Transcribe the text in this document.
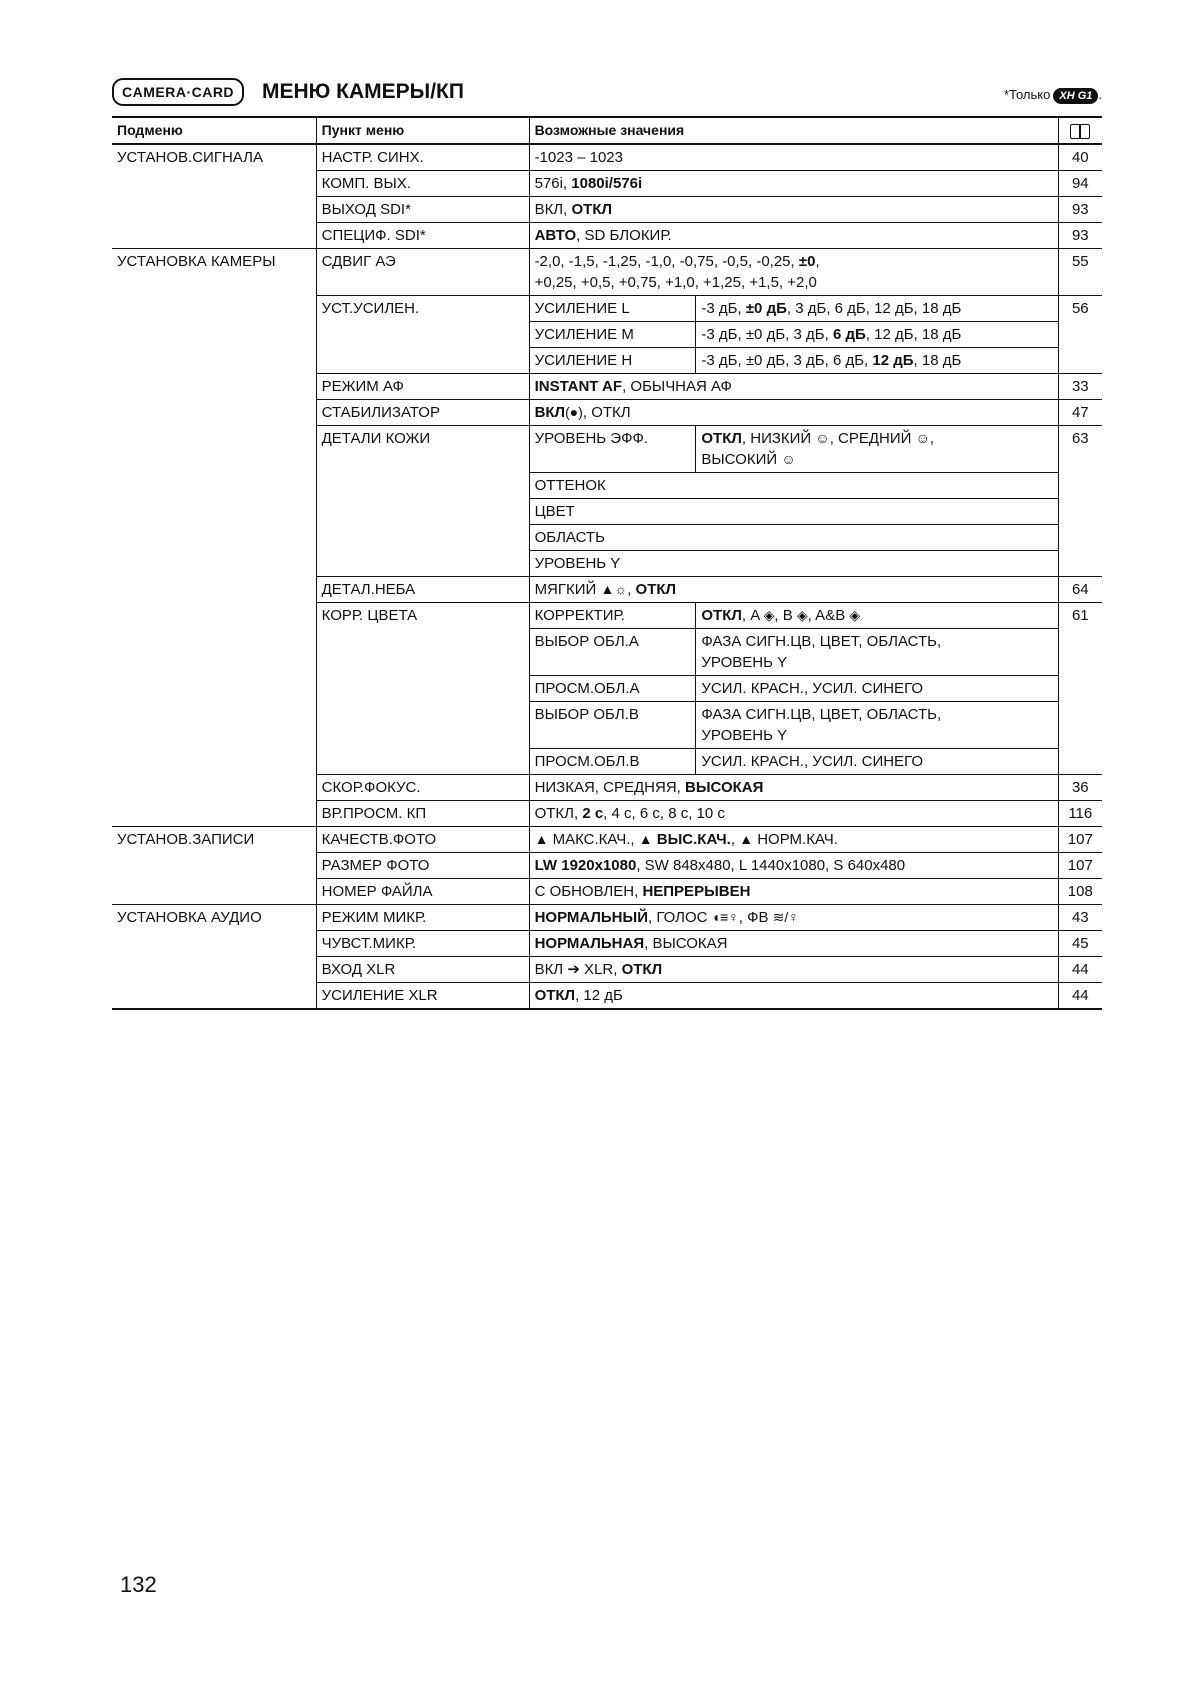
CAMERA·CARD	МЕНЮ КАМЕРЫ/КП	*Только XH G1 .
Подменю	Пункт меню	Возможные значения		
УСТАНОВ.СИГНАЛА	НАСТР. СИНХ.	-1023 – 1023		40
	КОМП. ВЫХ.	576i, 1080i/576i		94
	ВЫХОД SDI*	ВКЛ, ОТКЛ		93
	СПЕЦИФ. SDI*	АВТО, SD БЛОКИР.		93
УСТАНОВКА КАМЕРЫ	СДВИГ АЭ	-2,0, -1,5, -1,25, -1,0, -0,75, -0,5, -0,25, ±0,
+0,25, +0,5, +0,75, +1,0, +1,25, +1,5, +2,0		55
	УСТ.УСИЛЕН.	УСИЛЕНИЕ L	-3 дБ, ±0 дБ, 3 дБ, 6 дБ, 12 дБ, 18 дБ	56
		УСИЛЕНИЕ M	-3 дБ, ±0 дБ, 3 дБ, 6 дБ, 12 дБ, 18 дБ	
		УСИЛЕНИЕ H	-3 дБ, ±0 дБ, 3 дБ, 6 дБ, 12 дБ, 18 дБ	
	РЕЖИМ АФ	INSTANT AF, ОБЫЧНАЯ АФ		33
	СТАБИЛИЗАТОР	ВКЛ(●), ОТКЛ		47
	ДЕТАЛИ КОЖИ	УРОВЕНЬ ЭФФ.	ОТКЛ, НИЗКИЙ ☺, СРЕДНИЙ ☺,
ВЫСОКИЙ ☺	63
		ОТТЕНОК		
		ЦВЕТ		
		ОБЛАСТЬ		
		УРОВЕНЬ Y		
	ДЕТАЛ.НЕБА	МЯГКИЙ ▲☼, ОТКЛ		64
	КОРР. ЦВЕТА	КОРРЕКТИР.	ОТКЛ, A ◈, B ◈, A&B ◈	61
		ВЫБОР ОБЛ.A	ФАЗА СИГН.ЦВ, ЦВЕТ, ОБЛАСТЬ,
УРОВЕНЬ Y	
		ПРОСМ.ОБЛ.A	УСИЛ. КРАСН., УСИЛ. СИНЕГО	
		ВЫБОР ОБЛ.B	ФАЗА СИГН.ЦВ, ЦВЕТ, ОБЛАСТЬ,
УРОВЕНЬ Y	
		ПРОСМ.ОБЛ.B	УСИЛ. КРАСН., УСИЛ. СИНЕГО	
	СКОР.ФОКУС.	НИЗКАЯ, СРЕДНЯЯ, ВЫСОКАЯ		36
	ВР.ПРОСМ. КП	ОТКЛ, 2 с, 4 с, 6 с, 8 с, 10 с		116
УСТАНОВ.ЗАПИСИ	КАЧЕСТВ.ФОТО	▲ МАКС.КАЧ., ▲ ВЫС.КАЧ., ▲ НОРМ.КАЧ.		107
	РАЗМЕР ФОТО	LW 1920x1080, SW 848x480, L 1440x1080, S 640x480		107
	НОМЕР ФАЙЛА	С ОБНОВЛЕН, НЕПРЕРЫВЕН		108
УСТАНОВКА АУДИО	РЕЖИМ МИКР.	НОРМАЛЬНЫЙ, ГОЛОС ◖≡♀, ФВ ≋/♀		43
	ЧУВСТ.МИКР.	НОРМАЛЬНАЯ, ВЫСОКАЯ		45
	ВХОД XLR	ВКЛ ➔ XLR, ОТКЛ		44
	УСИЛЕНИЕ XLR	ОТКЛ, 12 дБ		44
132
